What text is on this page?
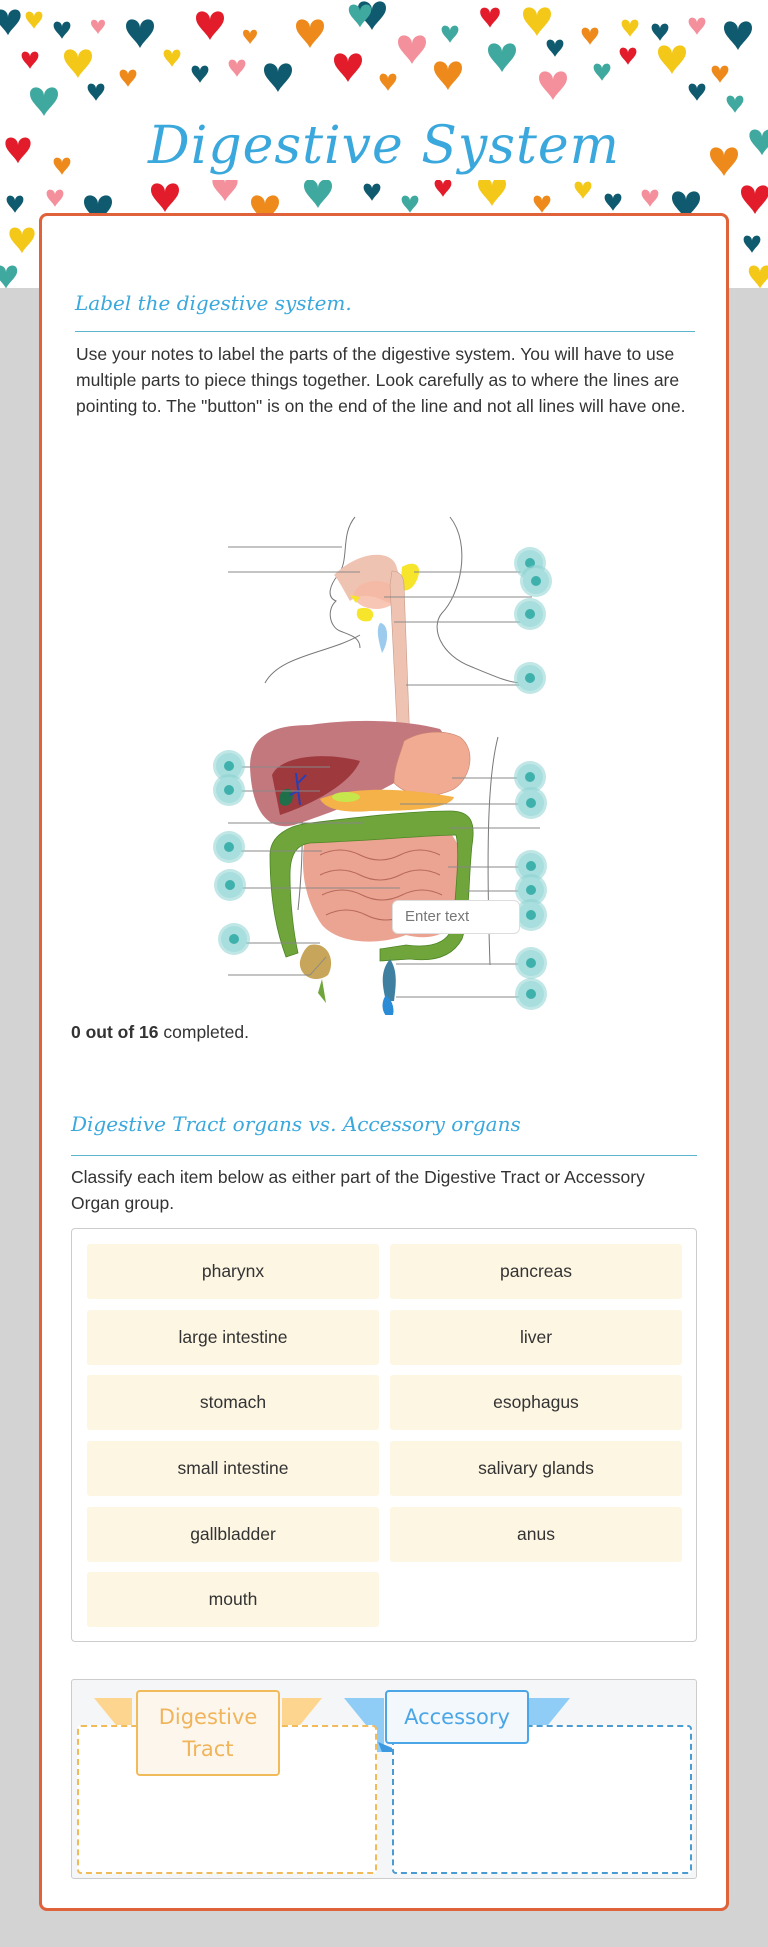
Digestive System
Label the digestive system.
Use your notes to label the parts of the digestive system. You will have to use multiple parts to piece things together. Look carefully as to where the lines are pointing to. The "button" is on the end of the line and not all lines will have one.
Enter text
0 out of 16 completed.
Digestive Tract organs vs. Accessory organs
Classify each item below as either part of the Digestive Tract or Accessory Organ group.
pharynx	pancreas
large intestine	liver
stomach	esophagus
small intestine	salivary glands
gallbladder	anus
mouth
Digestive Tract
Accessory
